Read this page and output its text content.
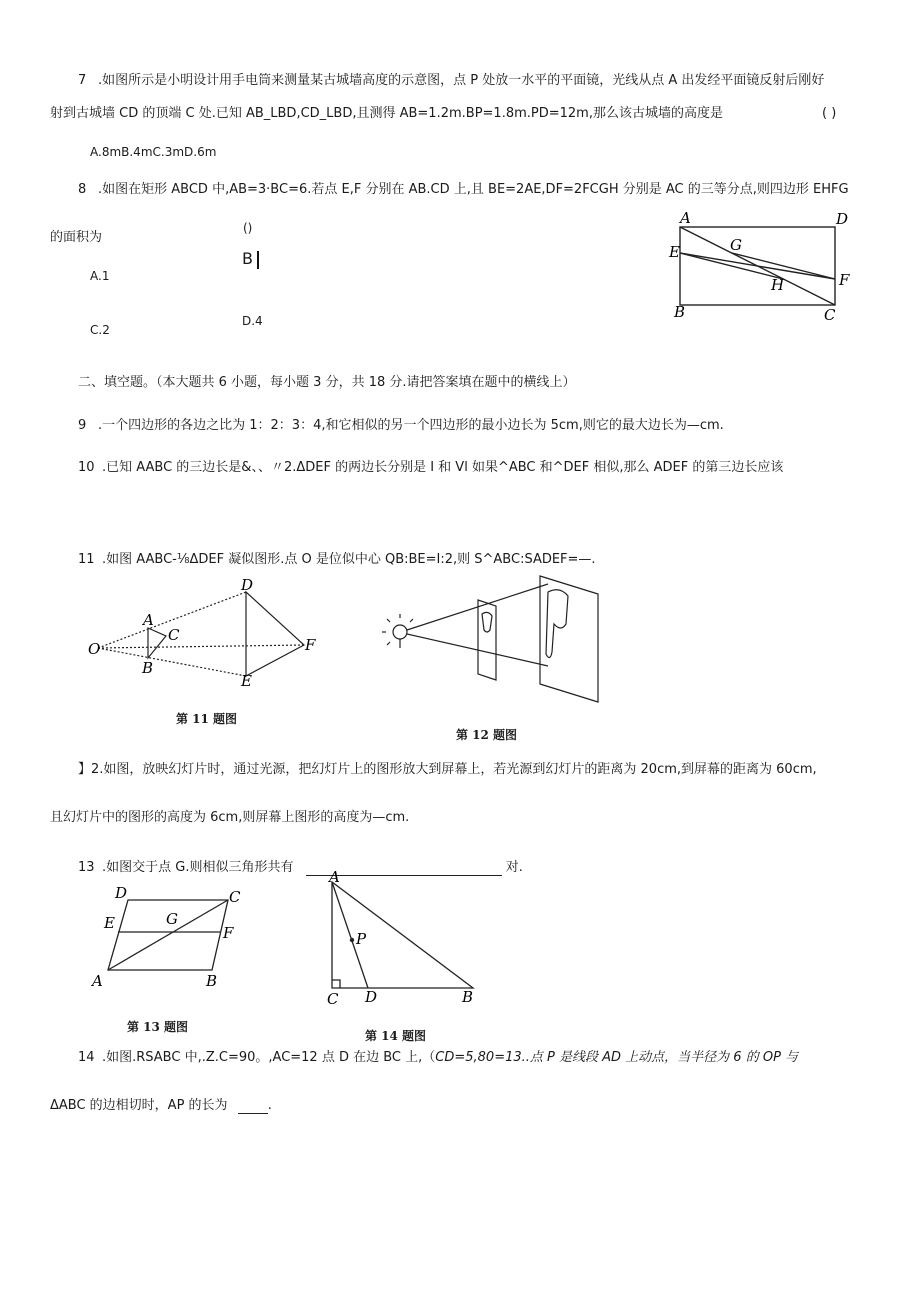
7 .如图所示是小明设计用手电筒来测量某古城墙高度的示意图，点 P 处放一水平的平面镜，光线从点 A 出发经平面镜反射后刚好
射到古城墙 CD 的顶端 C 处.已知 AB_LBD,CD_LBD,且测得 AB=1.2m.BP=1.8m.PD=12m,那么该古城墙的高度是	( )
A.8mB.4mC.3mD.6m
8 .如图在矩形 ABCD 中,AB=3·BC=6.若点 E,F 分别在 AB.CD 上,且 BE=2AE,DF=2FCGH 分别是 AC 的三等分点,则四边形 EHFG
的面积为
()
A.1
B
C.2
D.4
A	D
E	G
F
H
B	C
二、填空题。（本大题共 6 小题，每小题 3 分，共 18 分.请把答案填在题中的横线上）
9 .一个四边形的各边之比为 1：2：3：4,和它相似的另一个四边形的最小边长为 5cm,则它的最大边长为—cm.
10 .已知 AABC 的三边长是&、、〃2.ΔDEF 的两边长分别是 I 和 Vl 如果^ABC 和^DEF 相似,那么 ADEF 的第三边长应该
11 .如图 AABC-⅛ΔDEF 凝似图形.点 O 是位似中心 QB:BE=I:2,则 S^ABC:SADEF=—.
O
A
C
B
D
E
F
第 11 题图
第 12 题图
】2.如图，放映幻灯片时，通过光源，把幻灯片上的图形放大到屏幕上，若光源到幻灯片的距离为 20cm,到屏幕的距离为 60cm,
且幻灯片中的图形的高度为 6cm,则屏幕上图形的高度为—cm.
13 .如图交于点 G.则相似三角形共有	对.
D	C
E	G
F
A	B
第 13 题图
A
P
C D	B
第 14 题图
14 .如图.RSABC 中,.Z.C=90。,AC=12 点 D 在边 BC 上,（CD=5,80=13..点 P 是线段 AD 上动点，当半径为 6 的 OP 与
ΔABC 的边相切时，AP 的长为	.
